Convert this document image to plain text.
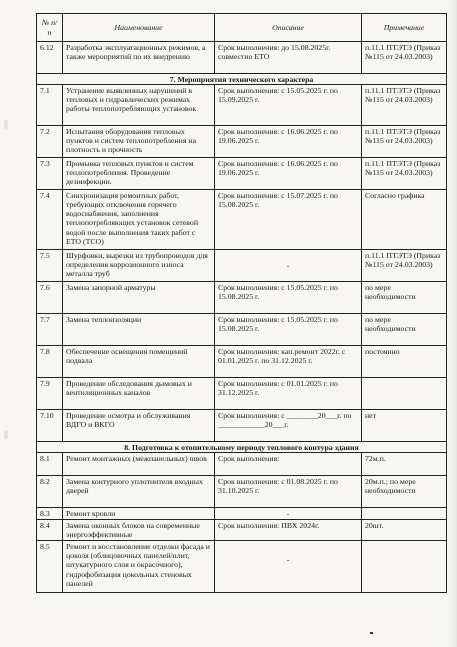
№ п/п	Наименование	Описание	Примечание
6.12	Разработка эксплуатационных режимов, а также мероприятий по их внедрению	Срок выполнения: до 15.08.2025г. совместно ЕТО	п.11.1 ПТЭТЭ (Приказ №115 от 24.03.2003)
7. Мероприятия технического характера			
7.1	Устранение выявленных нарушений в тепловых и гидравлических режимах работы теплопотребляющих установок	Срок выполнения: с 15.05.2025 г. по 15.09.2025 г.	п.11.1 ПТЭТЭ (Приказ №115 от 24.03.2003)
7.2	Испытания оборудования тепловых пунктов и систем теплопотребления на плотность и прочность	Срок выполнения: с 16.06.2025 г. по 19.06.2025 г.	п.11.1 ПТЭТЭ (Приказ №115 от 24.03.2003)
7.3	Промывка тепловых пунктов и систем теплопотребления. Проведение дезинфекции.	Срок выполнения: с 16.06.2025 г. по 19.06.2025 г.	п.11.1 ПТЭТЭ (Приказ №115 от 24.03.2003)
7.4	Синхронизация ремонтных работ, требующих отключения горячего водоснабжения, заполнения теплопотребляющих установок сетевой водой после выполнения таких работ с ЕТО (ТСО)	Срок выполнения: с 15.07.2025 г. по 15.08.2025 г.	Согласно графика
7.5	Шурфовки, вырезки из трубопроводов для определения коррозионного износа металла труб	-	п.11.1 ПТЭТЭ (Приказ №115 от 24.03.2003)
7.6	Замена запорной арматуры	Срок выполнения: с 15.05.2025 г. по 15.08.2025 г.	по мере необходимости
7.7	Замена теплоизоляции	Срок выполнения: с 15.05.2025 г. по 15.08.2025 г.	по мере необходимости
7.8	Обеспечение освещения помещений подвала	Срок выполнения: кап.ремонт 2022г. с 01.01.2025 г. по 31.12.2025 г.	постоянно
7.9	Проведение обследования дымовых и вентиляционных каналов	Срок выполнения: с 01.01.2025 г. по 31.12.2025 г.	
7.10	Проведение осмотра и обслуживания ВДГО и ВКГО	Срок выполнения: с ________20___г. по ____________20___г.	нет
8. Подготовка к отопительному периоду теплового контура здания			
8.1	Ремонт монтажных (межпанельных) швов	Срок выполнения:	72м.п.
8.2	Замена контурного уплотнителя входных дверей	Срок выполнения: с 01.08.2025 г. по 31.10.2025 г.	20м.п.; по мере необходимости
8.3	Ремонт кровли	-	
8.4	Замена оконных блоков на современные энергоэффективные	Срок выполнения: ПВХ 2024г.	20шт.
8.5	Ремонт и восстановление отделки фасада и цоколя (облицовочных панелей/плит, штукатурного слоя и окрасочного), гидрофобизация цокольных стеновых панелей	-	
